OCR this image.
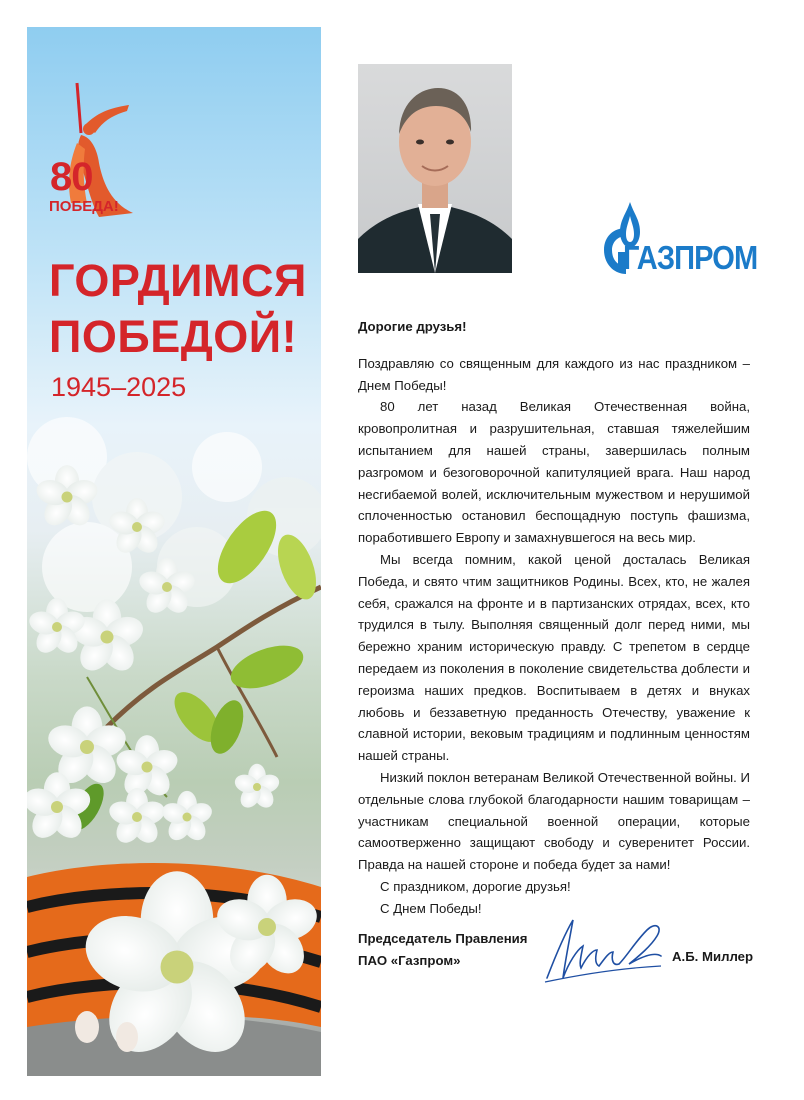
80
ПОБЕДА!
ГОРДИМСЯ
ПОБЕДОЙ!
1945–2025
ГАЗПРОМ

Дорогие друзья!

Поздравляю со священным для каждого из нас праздником – Днем Победы!

80 лет назад Великая Отечественная война, кровопролитная и разрушительная, ставшая тяжелейшим испытанием для нашей страны, завершилась полным разгромом и безоговорочной капитуляцией врага. Наш народ несгибаемой волей, исключительным мужеством и нерушимой сплоченностью остановил беспощадную поступь фашизма, поработившего Европу и замахнувшегося на весь мир.

Мы всегда помним, какой ценой досталась Великая Победа, и свято чтим защитников Родины. Всех, кто, не жалея себя, сражался на фронте и в партизанских отрядах, всех, кто трудился в тылу. Выполняя священный долг перед ними, мы бережно храним историческую правду. С трепетом в сердце передаем из поколения в поколение свидетельства доблести и героизма наших предков. Воспитываем в детях и внуках любовь и беззаветную преданность Отечеству, уважение к славной истории, вековым традициям и подлинным ценностям нашей страны.

Низкий поклон ветеранам Великой Отечественной войны. И отдельные слова глубокой благодарности нашим товарищам – участникам специальной военной операции, которые самоотверженно защищают свободу и суверенитет России. Правда на нашей стороне и победа будет за нами!

С праздником, дорогие друзья!

С Днем Победы!

Председатель Правления
ПАО «Газпром»	А.Б. Миллер
